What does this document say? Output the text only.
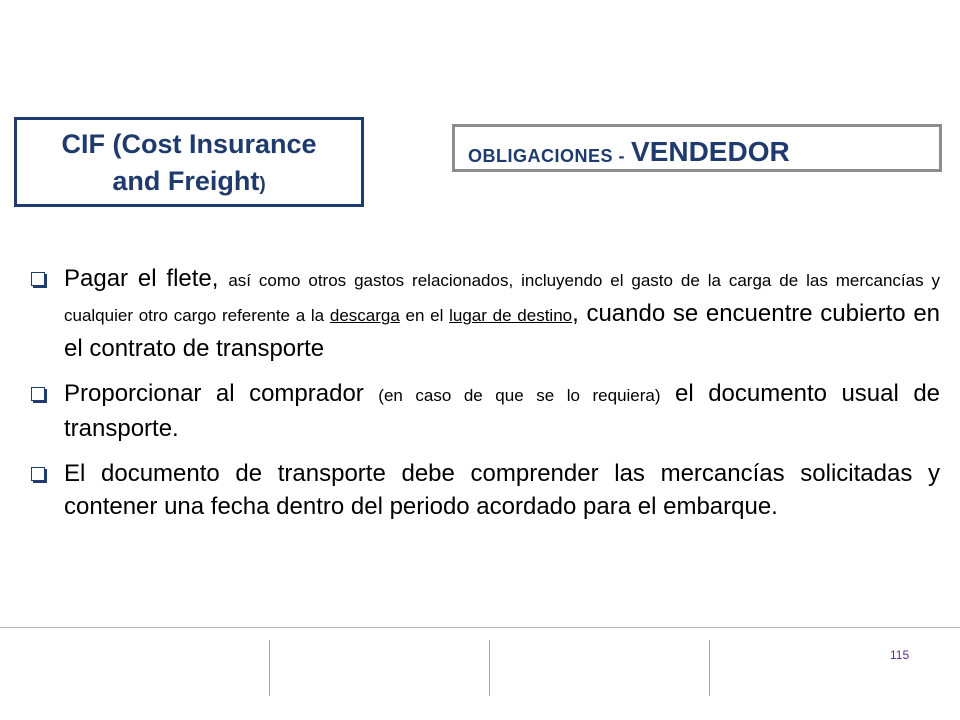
CIF (Cost Insurance
and Freight)
OBLIGACIONES - VENDEDOR
Pagar el flete, así como otros gastos relacionados, incluyendo el gasto de la carga de las mercancías y cualquier otro cargo referente a la descarga en el lugar de destino, cuando se encuentre cubierto en el contrato de transporte
Proporcionar al comprador (en caso de que se lo requiera) el documento usual de transporte.
El documento de transporte debe comprender las mercancías solicitadas y contener una fecha dentro del periodo acordado para el embarque.
115
